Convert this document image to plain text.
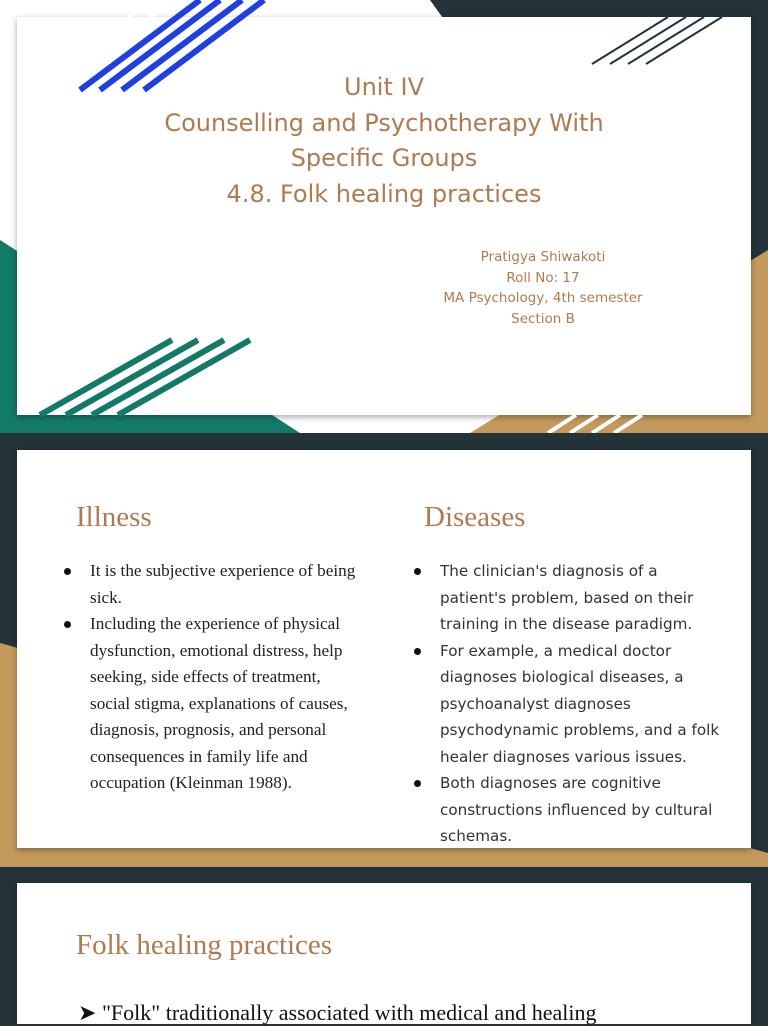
Unit IV
Counselling and Psychotherapy With
Specific Groups
4.8. Folk healing practices
Pratigya Shiwakoti
Roll No: 17
MA Psychology, 4th semester
Section B
Illness	Diseases
It is the subjective experience of being sick.
Including the experience of physical dysfunction, emotional distress, help seeking, side effects of treatment, social stigma, explanations of causes, diagnosis, prognosis, and personal consequences in family life and occupation (Kleinman 1988).
The clinician's diagnosis of a patient's problem, based on their training in the disease paradigm.
For example, a medical doctor diagnoses biological diseases, a psychoanalyst diagnoses psychodynamic problems, and a folk healer diagnoses various issues.
Both diagnoses are cognitive constructions influenced by cultural schemas.
Folk healing practices
➤ "Folk" traditionally associated with medical and healing
